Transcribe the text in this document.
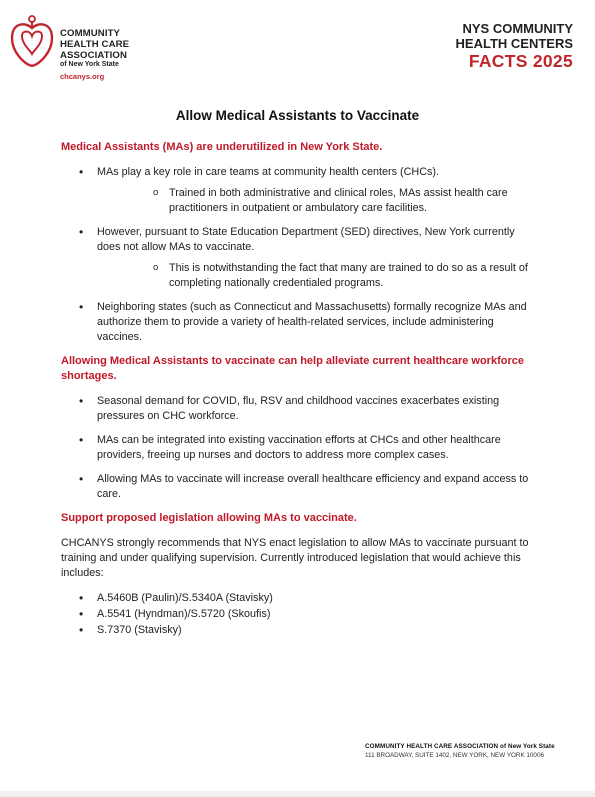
COMMUNITY
HEALTH CARE
ASSOCIATION
of New York State
chcanys.org
NYS COMMUNITY
HEALTH CENTERS
FACTS 2025
Allow Medical Assistants to Vaccinate
Medical Assistants (MAs) are underutilized in New York State.
• MAs play a key role in care teams at community health centers (CHCs).
o Trained in both administrative and clinical roles, MAs assist health care practitioners in outpatient or ambulatory care facilities.
• However, pursuant to State Education Department (SED) directives, New York currently does not allow MAs to vaccinate.
o This is notwithstanding the fact that many are trained to do so as a result of completing nationally credentialed programs.
• Neighboring states (such as Connecticut and Massachusetts) formally recognize MAs and authorize them to provide a variety of health-related services, include administering vaccines.
Allowing Medical Assistants to vaccinate can help alleviate current healthcare workforce shortages.
• Seasonal demand for COVID, flu, RSV and childhood vaccines exacerbates existing pressures on CHC workforce.
• MAs can be integrated into existing vaccination efforts at CHCs and other healthcare providers, freeing up nurses and doctors to address more complex cases.
• Allowing MAs to vaccinate will increase overall healthcare efficiency and expand access to care.
Support proposed legislation allowing MAs to vaccinate.
CHCANYS strongly recommends that NYS enact legislation to allow MAs to vaccinate pursuant to training and under qualifying supervision. Currently introduced legislation that would achieve this includes:
• A.5460B (Paulin)/S.5340A (Stavisky)
• A.5541 (Hyndman)/S.5720 (Skoufis)
• S.7370 (Stavisky)
COMMUNITY HEALTH CARE ASSOCIATION of New York State
111 BROADWAY, SUITE 1402, NEW YORK, NEW YORK 10006
